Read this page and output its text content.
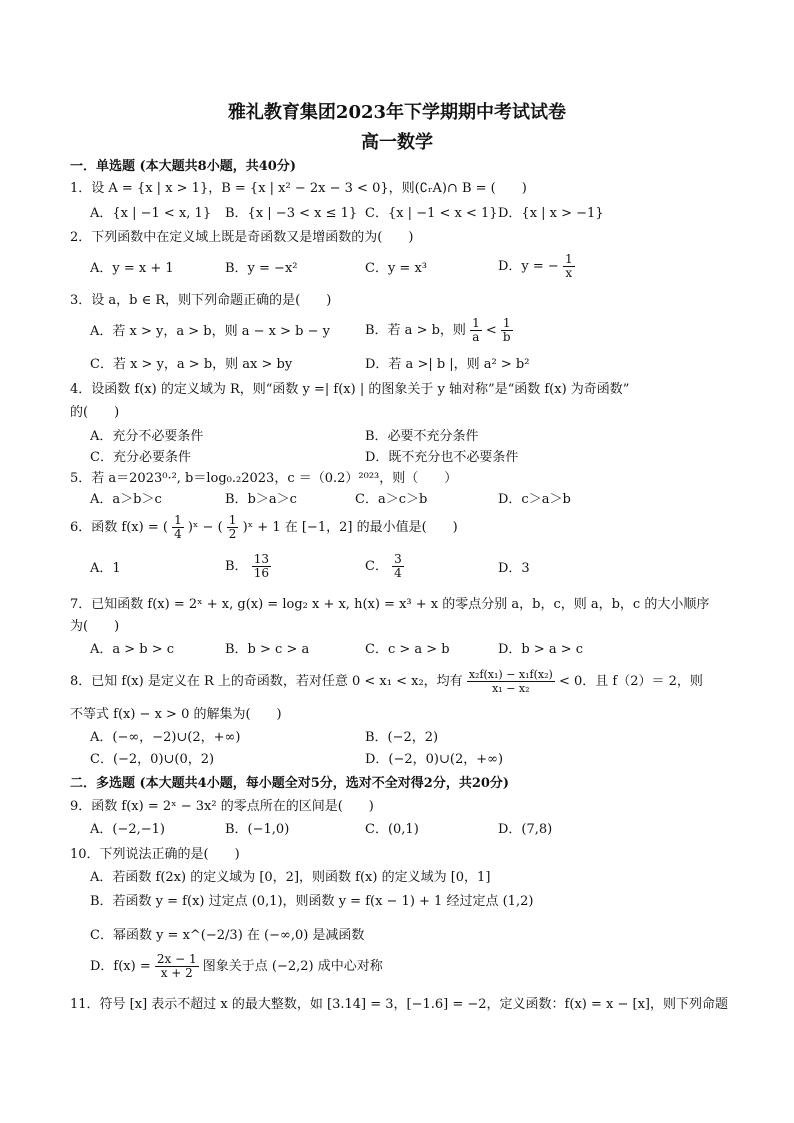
雅礼教育集团2023年下学期期中考试试卷
高一数学
一．单选题 (本大题共8小题，共40分)
1．设 A = {x | x > 1}，B = {x | x² − 2x − 3 < 0}，则(∁ᵣA)∩ B = (　　)
A．{x | −1 < x, 1} B．{x | −3 < x ≤ 1} C．{x | −1 < x < 1} D．{x | x > −1}
2．下列函数中在定义域上既是奇函数又是增函数的为(　　)
A．y = x + 1	B．y = −x²	C．y = x³	D．y = − $\frac{1}{x}$
3．设 a，b ∈ R，则下列命题正确的是(　　)
A．若 x > y，a > b，则 a − x > b − y	B．若 a > b，则 $\frac{1}{a} < \frac{1}{b}$
C．若 x > y，a > b，则 ax > by	D．若 a >| b |，则 a² > b²
4．设函数 f(x) 的定义域为 R，则“函数 y =| f(x) | 的图象关于 y 轴对称”是“函数 f(x) 为奇函数”
的(　　)
A．充分不必要条件	B．必要不充分条件
C．充分必要条件	D．既不充分也不必要条件
5．若 a＝2023⁰·², b＝log₀.₂2023，c ＝（0.2）²⁰²³，则（　　）
A．a＞b＞c	B．b＞a＞c	C．a＞c＞b	D．c＞a＞b
6．函数 f(x) = ( $\frac{1}{4}$ )ˣ − ( $\frac{1}{2}$ )ˣ + 1 在 [−1，2] 的最小值是(　　)
A．1	B． $\frac{13}{16}$	C． $\frac{3}{4}$	D．3
7．已知函数 f(x) = 2ˣ + x, g(x) = log₂ x + x, h(x) = x³ + x 的零点分别 a，b，c，则 a，b，c 的大小顺序
为(　　)
A．a > b > c	B．b > c > a	C．c > a > b	D．b > a > c
8．已知 f(x) 是定义在 R 上的奇函数，若对任意 0 < x₁ < x₂，均有 $\frac{\text{x₂f(x₁) − x₁f(x₂)}}{\text{x₁ − x₂}} < 0$．且 f（2）＝ 2，则
不等式 f(x) − x > 0 的解集为(　　)
A．(−∞，−2)∪(2，+∞)	B．(−2，2)
C．(−2，0)∪(0，2)	D．(−2，0)∪(2，+∞)
二．多选题 (本大题共4小题，每小题全对5分，选对不全对得2分，共20分)
9．函数 f(x) = 2ˣ − 3x² 的零点所在的区间是(　　)
A．(−2,−1)	B．(−1,0)	C．(0,1)	D．(7,8)
10．下列说法正确的是(　　)
A．若函数 f(2x) 的定义域为 [0，2]，则函数 f(x) 的定义域为 [0，1]
B．若函数 y = f(x) 过定点 (0,1)，则函数 y = f(x − 1) + 1 经过定点 (1,2)
C．幂函数 y = x^(−2/3) 在 (−∞,0) 是减函数
D．$f(x) = \frac{2x - 1}{x + 2}$ 图象关于点 (−2,2) 成中心对称
11．符号 [x] 表示不超过 x 的最大整数，如 [3.14] = 3，[−1.6] = −2，定义函数：f(x) = x − [x]，则下列命题
